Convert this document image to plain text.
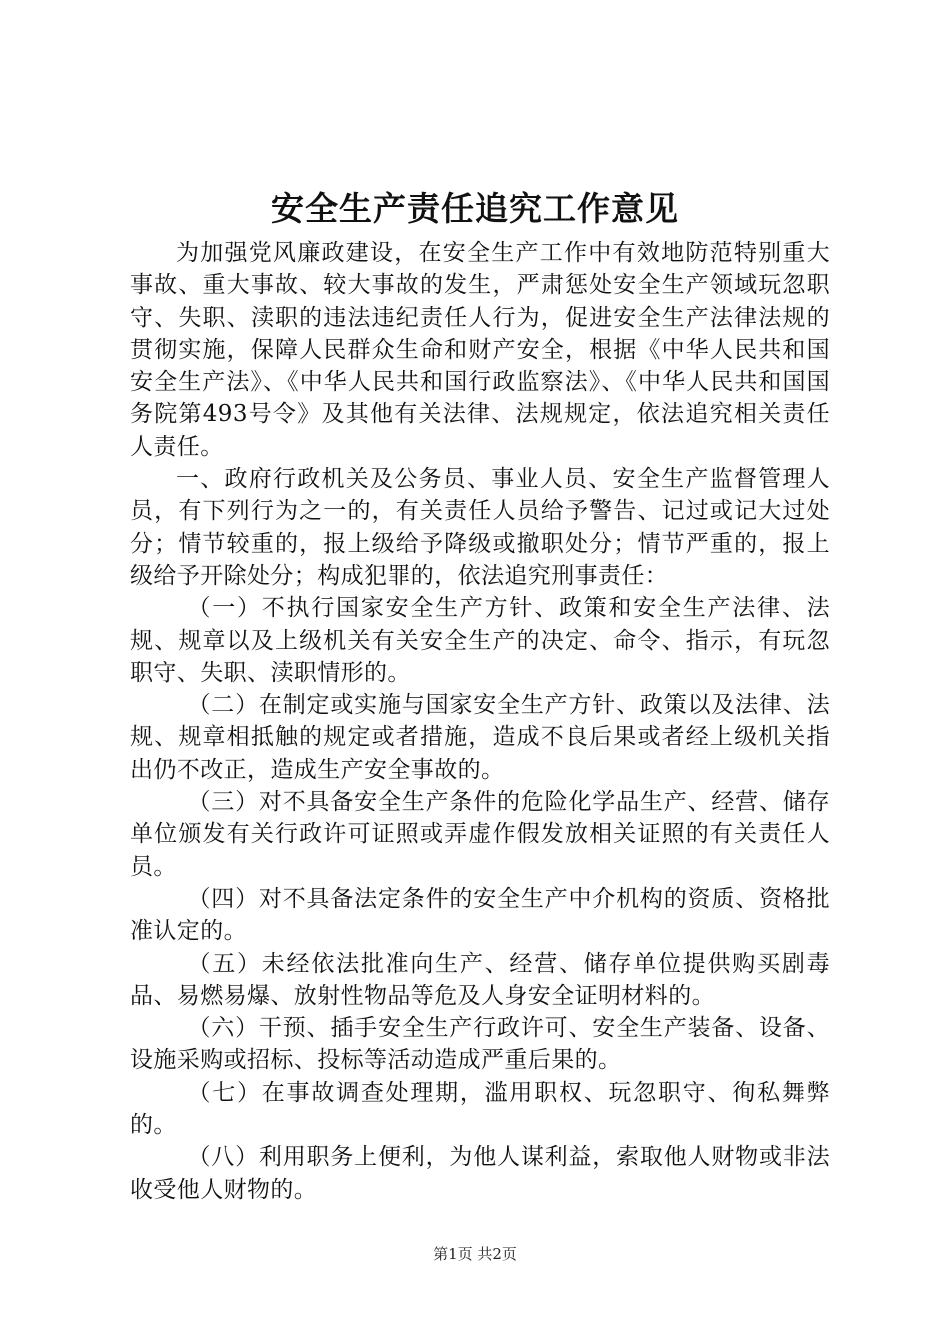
安全生产责任追究工作意见

为加强党风廉政建设，在安全生产工作中有效地防范特别重大事故、重大事故、较大事故的发生，严肃惩处安全生产领域玩忽职守、失职、渎职的违法违纪责任人行为，促进安全生产法律法规的贯彻实施，保障人民群众生命和财产安全，根据《中华人民共和国安全生产法》、《中华人民共和国行政监察法》、《中华人民共和国国务院第493号令》及其他有关法律、法规规定，依法追究相关责任人责任。

一、政府行政机关及公务员、事业人员、安全生产监督管理人员，有下列行为之一的，有关责任人员给予警告、记过或记大过处分；情节较重的，报上级给予降级或撤职处分；情节严重的，报上级给予开除处分；构成犯罪的，依法追究刑事责任：

（一）不执行国家安全生产方针、政策和安全生产法律、法规、规章以及上级机关有关安全生产的决定、命令、指示，有玩忽职守、失职、渎职情形的。

（二）在制定或实施与国家安全生产方针、政策以及法律、法规、规章相抵触的规定或者措施，造成不良后果或者经上级机关指出仍不改正，造成生产安全事故的。

（三）对不具备安全生产条件的危险化学品生产、经营、储存单位颁发有关行政许可证照或弄虚作假发放相关证照的有关责任人员。

（四）对不具备法定条件的安全生产中介机构的资质、资格批准认定的。

（五）未经依法批准向生产、经营、储存单位提供购买剧毒品、易燃易爆、放射性物品等危及人身安全证明材料的。

（六）干预、插手安全生产行政许可、安全生产装备、设备、设施采购或招标、投标等活动造成严重后果的。

（七）在事故调查处理期，滥用职权、玩忽职守、徇私舞弊的。

（八）利用职务上便利，为他人谋利益，索取他人财物或非法收受他人财物的。

第1页 共2页
